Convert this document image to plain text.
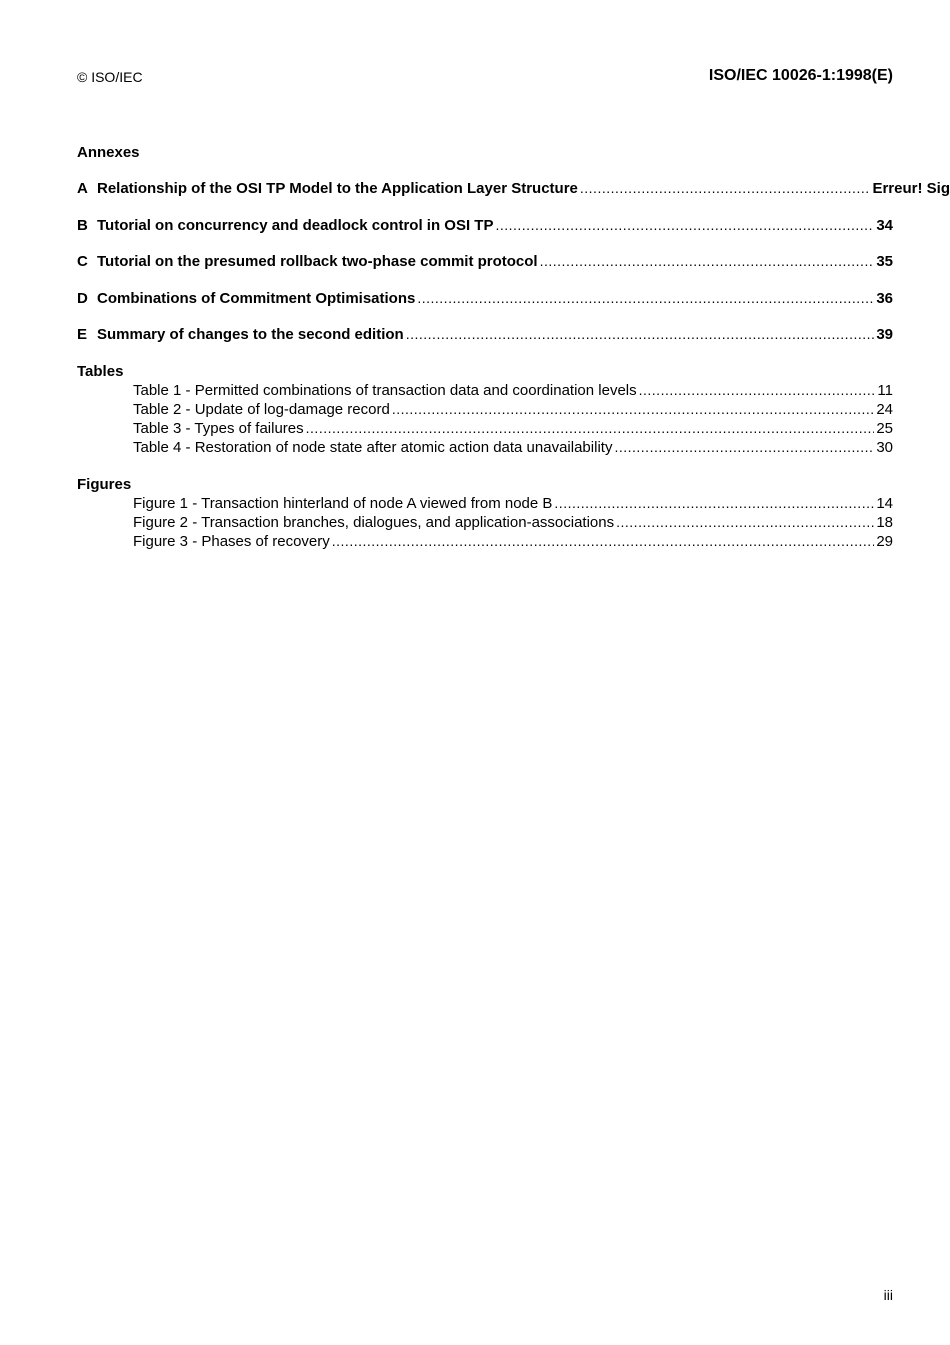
© ISO/IEC	ISO/IEC 10026-1:1998(E)
Annexes
A Relationship of the OSI TP Model to the Application Layer Structure .....	Erreur! Sig
B Tutorial on concurrency and deadlock control in OSI TP .....	34
C Tutorial on the presumed rollback two-phase commit protocol .....	35
D Combinations of Commitment Optimisations .....	36
E Summary of changes to the second edition .....	39
Tables
Table 1 - Permitted combinations of transaction data and coordination levels .....	11
Table 2 - Update of log-damage record .....	24
Table 3 - Types of failures .....	25
Table 4 - Restoration of node state after atomic action data unavailability .....	30
Figures
Figure 1 - Transaction hinterland of node A viewed from node B .....	14
Figure 2 - Transaction branches, dialogues, and application-associations .....	18
Figure 3 - Phases of recovery .....	29
iii
